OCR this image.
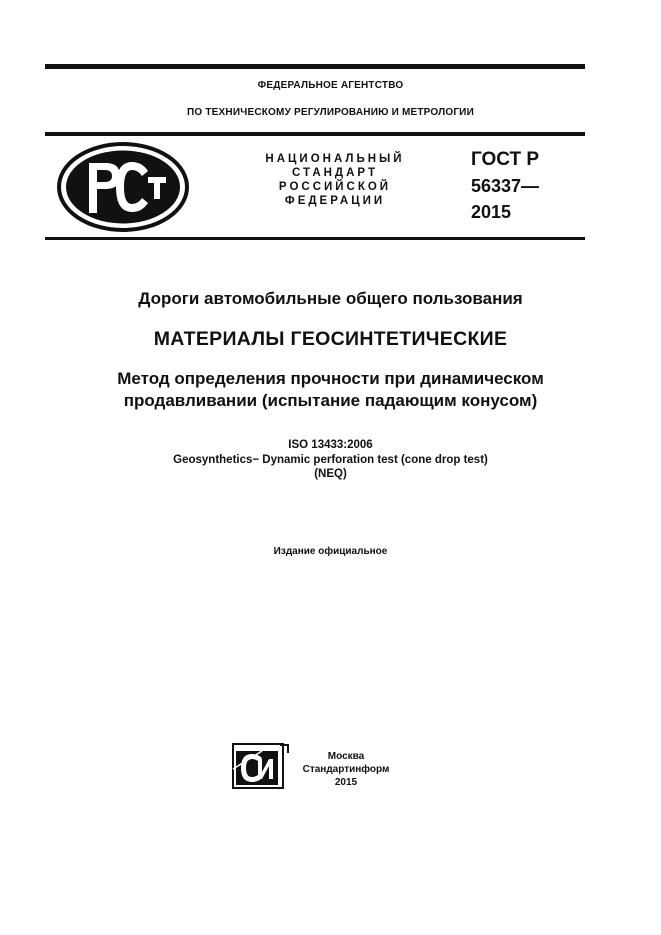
ФЕДЕРАЛЬНОЕ АГЕНТСТВО
ПО ТЕХНИЧЕСКОМУ РЕГУЛИРОВАНИЮ И МЕТРОЛОГИИ
НАЦИОНАЛЬНЫЙ
СТАНДАРТ
РОССИЙСКОЙ
ФЕДЕРАЦИИ
ГОСТ Р
56337—
2015
Дороги автомобильные общего пользования
МАТЕРИАЛЫ ГЕОСИНТЕТИЧЕСКИЕ
Метод определения прочности при динамическом
продавливании (испытание падающим конусом)
ISO 13433:2006
Geosynthetics− Dynamic perforation test (cone drop test)
(NEQ)
Издание официальное
Москва
Стандартинформ
2015
